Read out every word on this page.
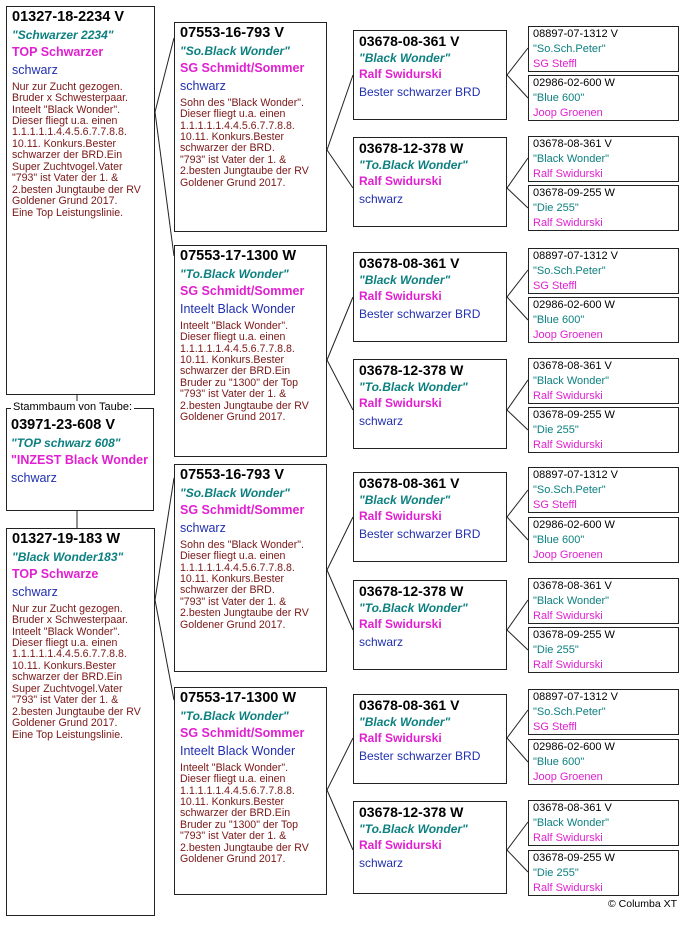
01327-18-2234 V
"Schwarzer 2234"
TOP Schwarzer
schwarz
Nur zur Zucht gezogen.
Bruder x Schwesterpaar.
Inteelt "Black Wonder".
Dieser fliegt u.a. einen
1.1.1.1.1.4.4.5.6.7.7.8.8.
10.11. Konkurs.Bester
schwarzer der BRD.Ein
Super Zuchtvogel.Vater
"793" ist Vater der 1. &
2.besten Jungtaube der RV
Goldener Grund 2017.
Eine Top Leistungslinie.
Stammbaum von Taube:
03971-23-608 V
"TOP schwarz 608"
"INZEST Black Wonder
schwarz
01327-19-183 W
"Black Wonder183"
TOP Schwarze
schwarz
Nur zur Zucht gezogen.
Bruder x Schwesterpaar.
Inteelt "Black Wonder".
Dieser fliegt u.a. einen
1.1.1.1.1.4.4.5.6.7.7.8.8.
10.11. Konkurs.Bester
schwarzer der BRD.Ein
Super Zuchtvogel.Vater
"793" ist Vater der 1. &
2.besten Jungtaube der RV
Goldener Grund 2017.
Eine Top Leistungslinie.
07553-16-793 V
"So.Black Wonder"
SG Schmidt/Sommer
schwarz
Sohn des "Black Wonder".
Dieser fliegt u.a. einen
1.1.1.1.1.4.4.5.6.7.7.8.8.
10.11. Konkurs.Bester
schwarzer der BRD.
"793" ist Vater der 1. &
2.besten Jungtaube der RV
Goldener Grund 2017.
07553-17-1300 W
"To.Black Wonder"
SG Schmidt/Sommer
Inteelt Black Wonder
Inteelt "Black Wonder".
Dieser fliegt u.a. einen
1.1.1.1.1.4.4.5.6.7.7.8.8.
10.11. Konkurs.Bester
schwarzer der BRD.Ein
Bruder zu "1300" der Top
"793" ist Vater der 1. &
2.besten Jungtaube der RV
Goldener Grund 2017.
07553-16-793 V
"So.Black Wonder"
SG Schmidt/Sommer
schwarz
Sohn des "Black Wonder".
Dieser fliegt u.a. einen
1.1.1.1.1.4.4.5.6.7.7.8.8.
10.11. Konkurs.Bester
schwarzer der BRD.
"793" ist Vater der 1. &
2.besten Jungtaube der RV
Goldener Grund 2017.
07553-17-1300 W
"To.Black Wonder"
SG Schmidt/Sommer
Inteelt Black Wonder
Inteelt "Black Wonder".
Dieser fliegt u.a. einen
1.1.1.1.1.4.4.5.6.7.7.8.8.
10.11. Konkurs.Bester
schwarzer der BRD.Ein
Bruder zu "1300" der Top
"793" ist Vater der 1. &
2.besten Jungtaube der RV
Goldener Grund 2017.
03678-08-361 V
"Black Wonder"
Ralf Swidurski
Bester schwarzer BRD
03678-12-378 W
"To.Black Wonder"
Ralf Swidurski
schwarz
03678-08-361 V
"Black Wonder"
Ralf Swidurski
Bester schwarzer BRD
03678-12-378 W
"To.Black Wonder"
Ralf Swidurski
schwarz
03678-08-361 V
"Black Wonder"
Ralf Swidurski
Bester schwarzer BRD
03678-12-378 W
"To.Black Wonder"
Ralf Swidurski
schwarz
03678-08-361 V
"Black Wonder"
Ralf Swidurski
Bester schwarzer BRD
03678-12-378 W
"To.Black Wonder"
Ralf Swidurski
schwarz
08897-07-1312 V
"So.Sch.Peter"
SG Steffl
02986-02-600 W
"Blue 600"
Joop Groenen
03678-08-361 V
"Black Wonder"
Ralf Swidurski
03678-09-255 W
"Die 255"
Ralf Swidurski
08897-07-1312 V
"So.Sch.Peter"
SG Steffl
02986-02-600 W
"Blue 600"
Joop Groenen
03678-08-361 V
"Black Wonder"
Ralf Swidurski
03678-09-255 W
"Die 255"
Ralf Swidurski
08897-07-1312 V
"So.Sch.Peter"
SG Steffl
02986-02-600 W
"Blue 600"
Joop Groenen
03678-08-361 V
"Black Wonder"
Ralf Swidurski
03678-09-255 W
"Die 255"
Ralf Swidurski
08897-07-1312 V
"So.Sch.Peter"
SG Steffl
02986-02-600 W
"Blue 600"
Joop Groenen
03678-08-361 V
"Black Wonder"
Ralf Swidurski
03678-09-255 W
"Die 255"
Ralf Swidurski
© Columba XT
